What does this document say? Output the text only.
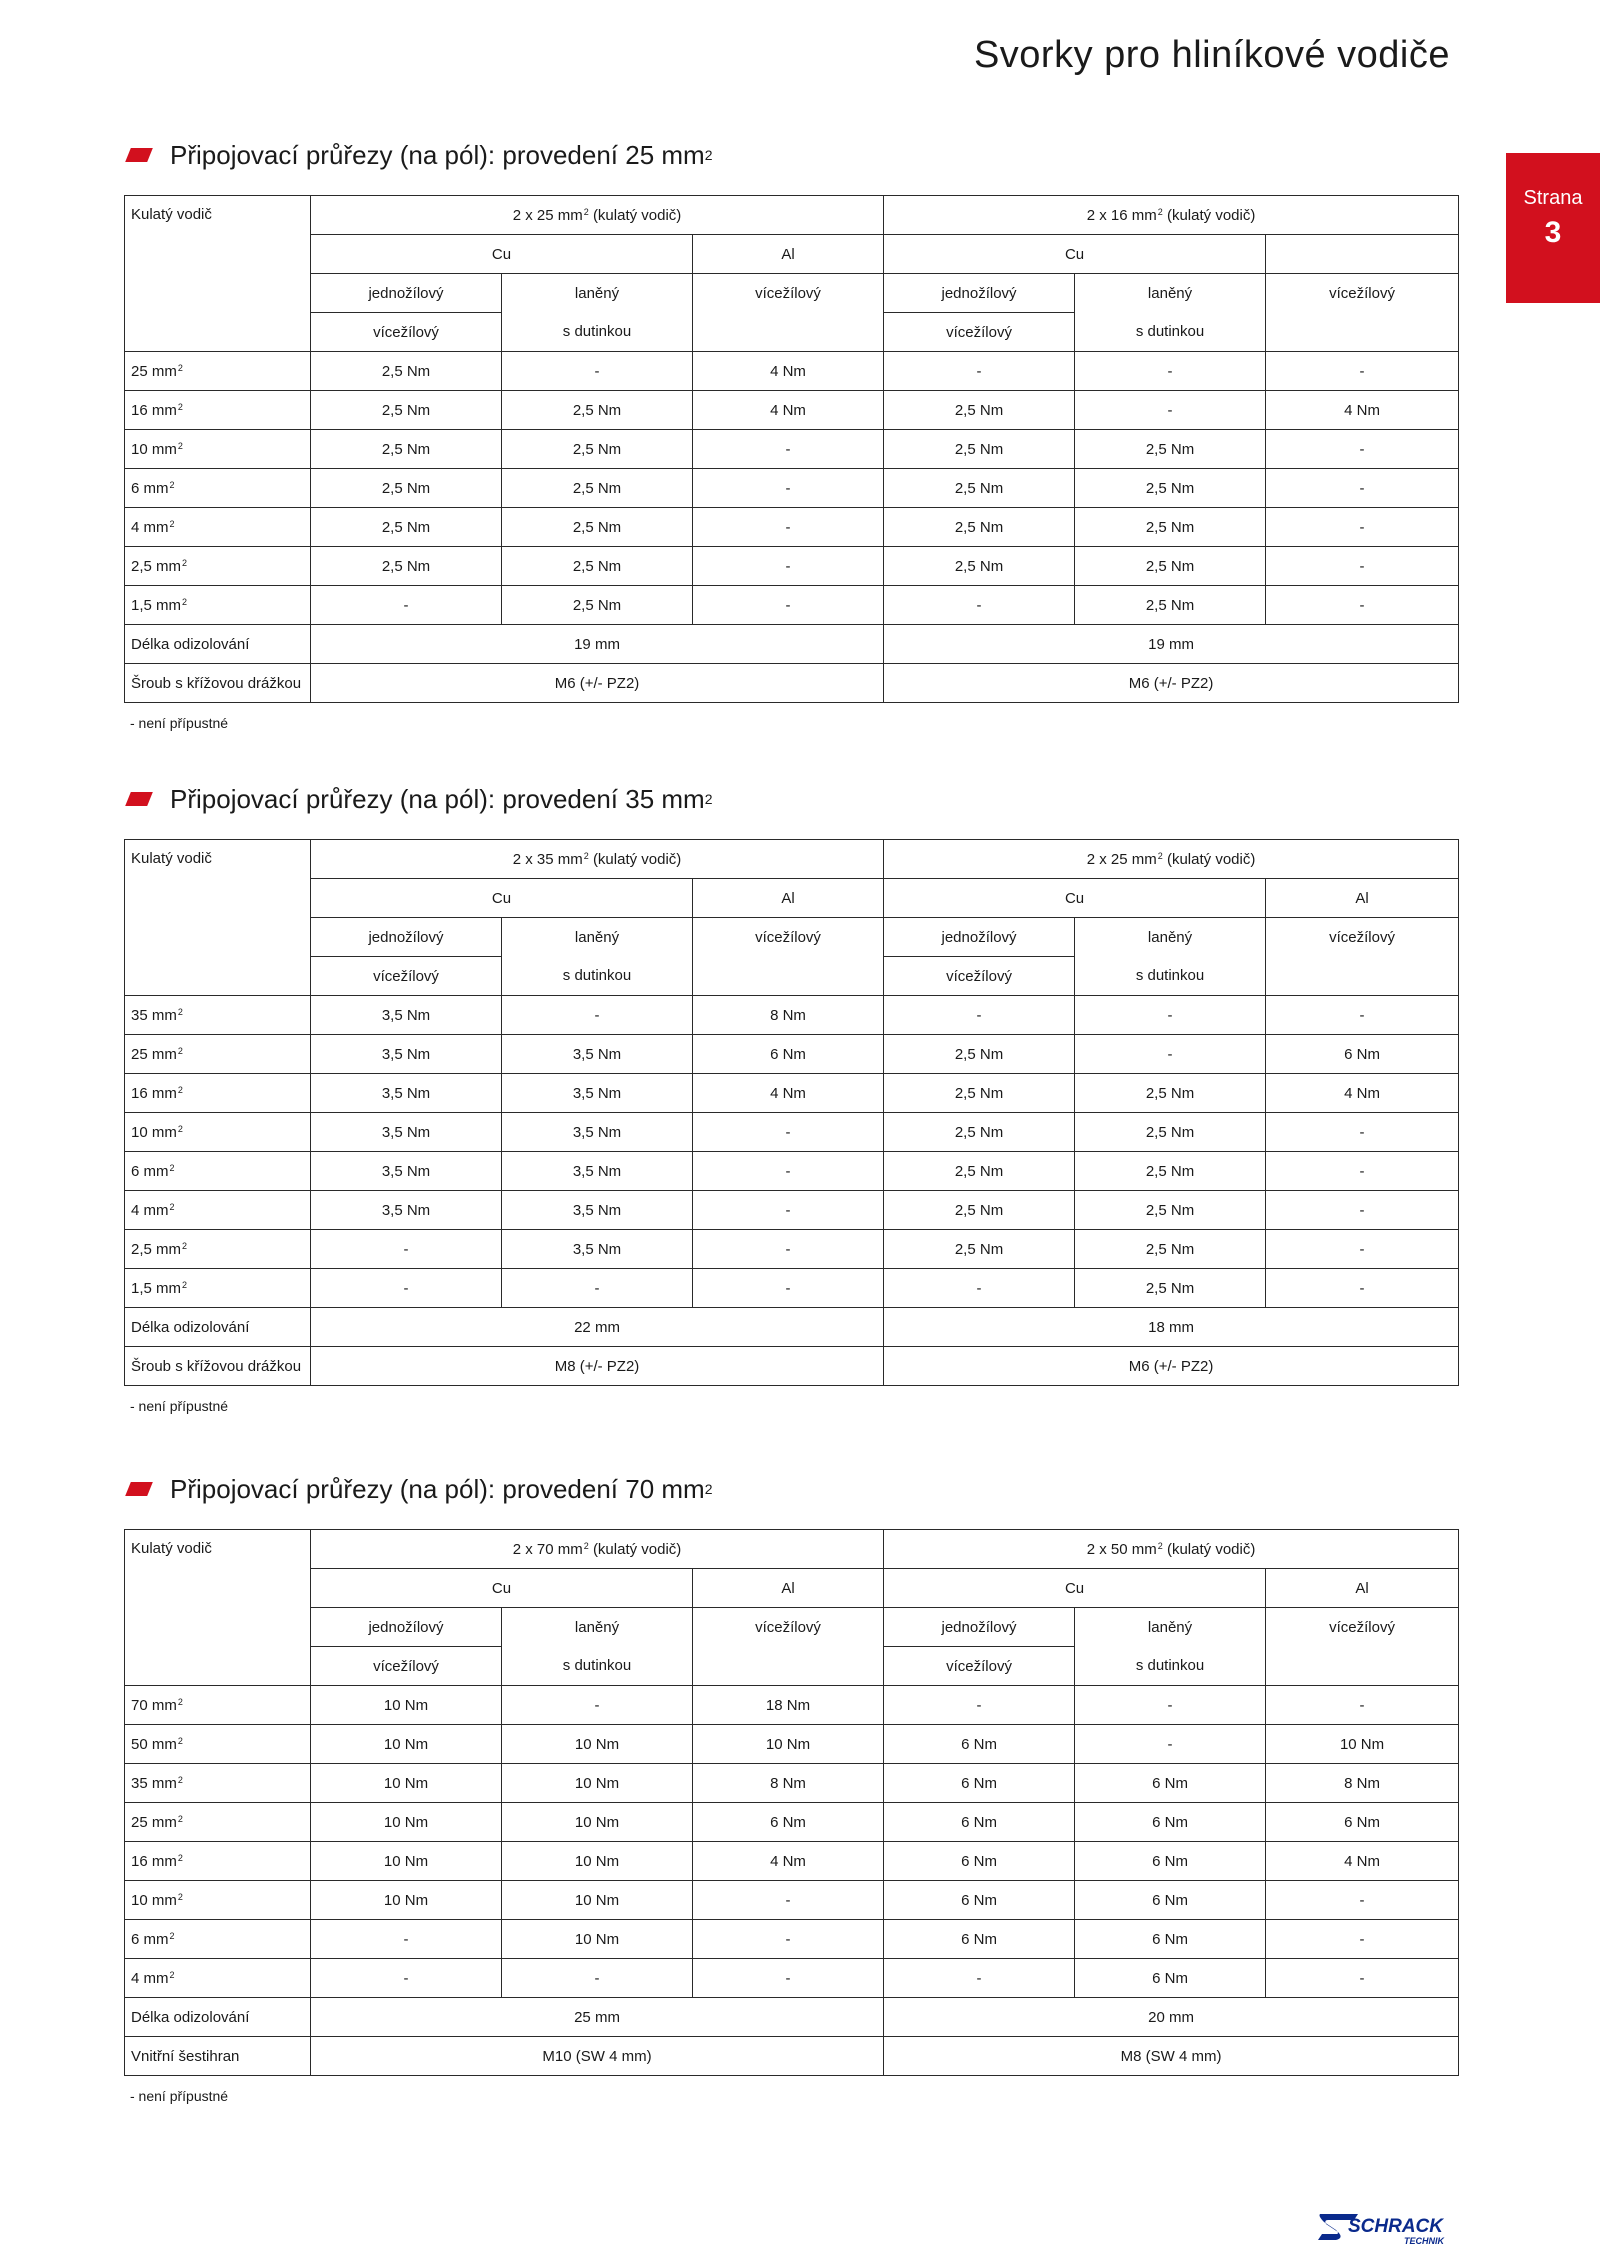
Svorky pro hliníkové vodiče
Strana
3
Připojovací průřezy (na pól): provedení 25 mm 2
Kulatý vodič	2 x 25 $mm^2$ (kulatý vodič)			2 x 16 $mm^2$ (kulatý vodič)		
	Cu		Al	Cu		
	jednožílový	laněný	vícežílový	jednožílový	laněný	vícežílový
	vícežílový	s dutinkou		vícežílový	s dutinkou	
25 $mm^2$	2,5 Nm	-	4 Nm	-	-	-
16 $mm^2$	2,5 Nm	2,5 Nm	4 Nm	2,5 Nm	-	4 Nm
10 $mm^2$	2,5 Nm	2,5 Nm	-	2,5 Nm	2,5 Nm	-
6 $mm^2$	2,5 Nm	2,5 Nm	-	2,5 Nm	2,5 Nm	-
4 $mm^2$	2,5 Nm	2,5 Nm	-	2,5 Nm	2,5 Nm	-
2,5 $mm^2$	2,5 Nm	2,5 Nm	-	2,5 Nm	2,5 Nm	-
1,5 $mm^2$	-	2,5 Nm	-	-	2,5 Nm	-
Délka odizolování	19 mm			19 mm		
Šroub s křížovou drážkou	M6 (+/- PZ2)			M6 (+/- PZ2)		
- není přípustné
Připojovací průřezy (na pól): provedení 35 mm 2
Kulatý vodič	2 x 35 $mm^2$ (kulatý vodič)			2 x 25 $mm^2$ (kulatý vodič)		
	Cu		Al	Cu		Al
	jednožílový	laněný	vícežílový	jednožílový	laněný	vícežílový
	vícežílový	s dutinkou		vícežílový	s dutinkou	
35 $mm^2$	3,5 Nm	-	8 Nm	-	-	-
25 $mm^2$	3,5 Nm	3,5 Nm	6 Nm	2,5 Nm	-	6 Nm
16 $mm^2$	3,5 Nm	3,5 Nm	4 Nm	2,5 Nm	2,5 Nm	4 Nm
10 $mm^2$	3,5 Nm	3,5 Nm	-	2,5 Nm	2,5 Nm	-
6 $mm^2$	3,5 Nm	3,5 Nm	-	2,5 Nm	2,5 Nm	-
4 $mm^2$	3,5 Nm	3,5 Nm	-	2,5 Nm	2,5 Nm	-
2,5 $mm^2$	-	3,5 Nm	-	2,5 Nm	2,5 Nm	-
1,5 $mm^2$	-	-	-	-	2,5 Nm	-
Délka odizolování	22 mm			18 mm		
Šroub s křížovou drážkou	M8 (+/- PZ2)			M6 (+/- PZ2)		
- není přípustné
Připojovací průřezy (na pól): provedení 70 mm 2
Kulatý vodič	2 x 70 $mm^2$ (kulatý vodič)			2 x 50 $mm^2$ (kulatý vodič)		
	Cu		Al	Cu		Al
	jednožílový	laněný	vícežílový	jednožílový	laněný	vícežílový
	vícežílový	s dutinkou		vícežílový	s dutinkou	
70 $mm^2$	10 Nm	-	18 Nm	-	-	-
50 $mm^2$	10 Nm	10 Nm	10 Nm	6 Nm	-	10 Nm
35 $mm^2$	10 Nm	10 Nm	8 Nm	6 Nm	6 Nm	8 Nm
25 $mm^2$	10 Nm	10 Nm	6 Nm	6 Nm	6 Nm	6 Nm
16 $mm^2$	10 Nm	10 Nm	4 Nm	6 Nm	6 Nm	4 Nm
10 $mm^2$	10 Nm	10 Nm	-	6 Nm	6 Nm	-
6 $mm^2$	-	10 Nm	-	6 Nm	6 Nm	-
4 $mm^2$	-	-	-	-	6 Nm	-
Délka odizolování	25 mm			20 mm		
Vnitřní šestihran	M10 (SW 4 mm)			M8 (SW 4 mm)		
- není přípustné
SCHRACK
TECHNIK
